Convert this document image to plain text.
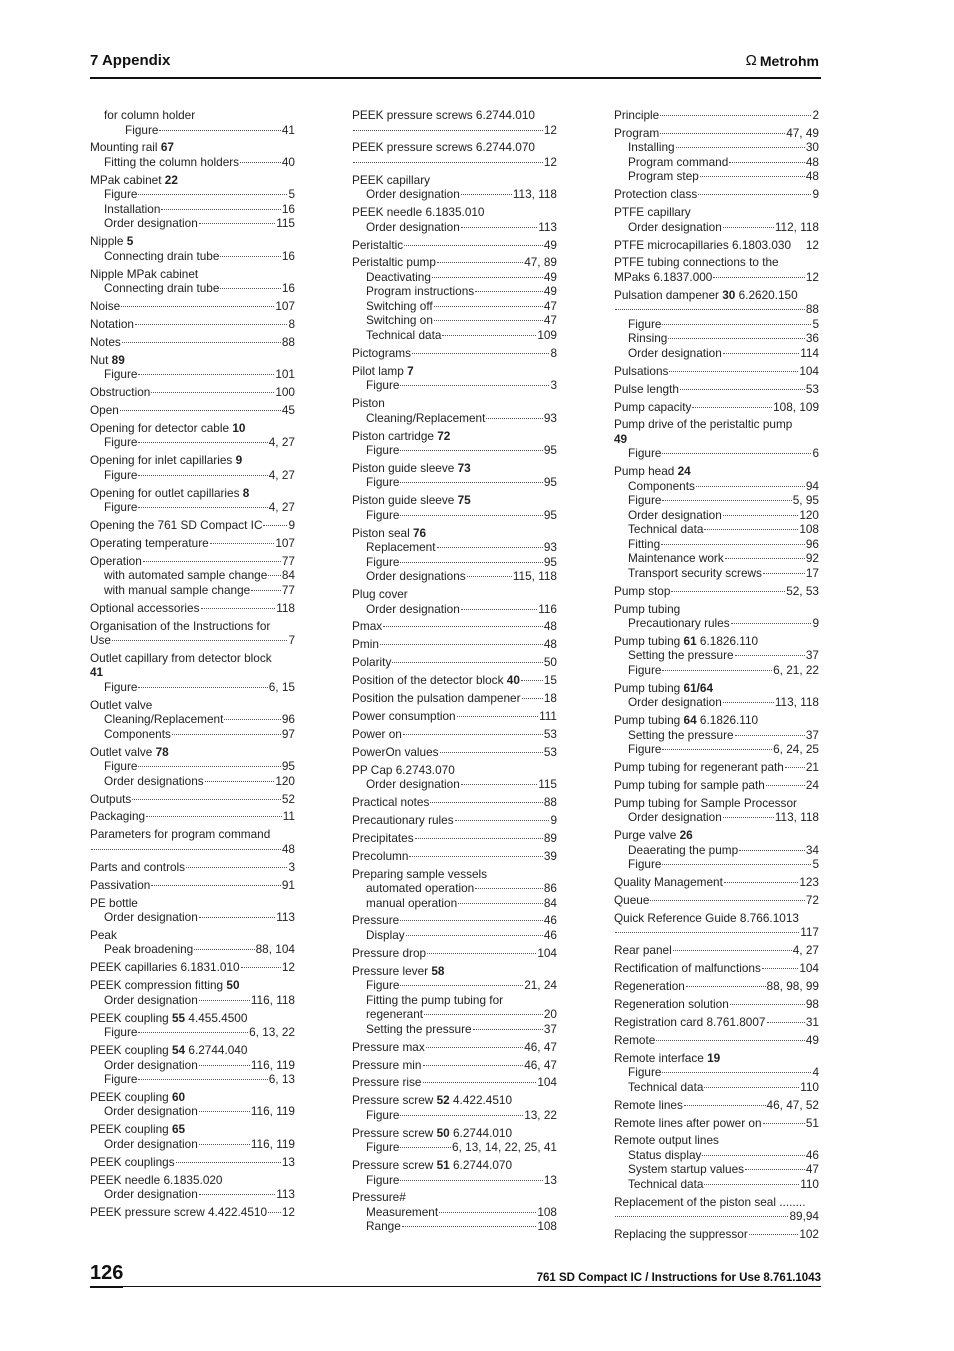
7 Appendix	Ω Metrohm
for column holder
Figure	41
Mounting rail 67
Fitting the column holders	40
MPak cabinet 22
Figure	5
Installation	16
Order designation	115
Nipple 5
Connecting drain tube	16
Nipple MPak cabinet
Connecting drain tube	16
Noise	107
Notation	8
Notes	88
Nut 89
Figure	101
Obstruction	100
Open	45
Opening for detector cable 10
Figure	4, 27
Opening for inlet capillaries 9
Figure	4, 27
Opening for outlet capillaries 8
Figure	4, 27
Opening the 761 SD Compact IC 9
Operating temperature	107
Operation	77
with automated sample change 84
with manual sample change	77
Optional accessories	118
Organisation of the Instructions for
Use	7
Outlet capillary from detector block
41
Figure	6, 15
Outlet valve
Cleaning/Replacement	96
Components	97
Outlet valve 78
Figure	95
Order designations	120
Outputs	52
Packaging	11
Parameters for program command
48
Parts and controls	3
Passivation	91
PE bottle
Order designation	113
Peak
Peak broadening	88, 104
PEEK capillaries 6.1831.010	12
PEEK compression fitting 50
Order designation	116, 118
PEEK coupling 55 4.455.4500
Figure	6, 13, 22
PEEK coupling 54 6.2744.040
Order designation	116, 119
Figure	6, 13
PEEK coupling 60
Order designation	116, 119
PEEK coupling 65
Order designation	116, 119
PEEK couplings	13
PEEK needle 6.1835.020
Order designation	113
PEEK pressure screw 4.422.4510 12
PEEK pressure screws 6.2744.010
12
PEEK pressure screws 6.2744.070
12
PEEK capillary
Order designation	113, 118
PEEK needle 6.1835.010
Order designation	113
Peristaltic	49
Peristaltic pump	47, 89
Deactivating	49
Program instructions	49
Switching off	47
Switching on	47
Technical data	109
Pictograms	8
Pilot lamp 7
Figure	3
Piston
Cleaning/Replacement	93
Piston cartridge 72
Figure	95
Piston guide sleeve 73
Figure	95
Piston guide sleeve 75
Figure	95
Piston seal 76
Replacement	93
Figure	95
Order designations	115, 118
Plug cover
Order designation	116
Pmax	48
Pmin	48
Polarity	50
Position of the detector block 40 15
Position the pulsation dampener 18
Power consumption	111
Power on	53
PowerOn values	53
PP Cap 6.2743.070
Order designation	115
Practical notes	88
Precautionary rules	9
Precipitates	89
Precolumn	39
Preparing sample vessels
automated operation	86
manual operation	84
Pressure	46
Display	46
Pressure drop	104
Pressure lever 58
Figure	21, 24
Fitting the pump tubing for
regenerant	20
Setting the pressure	37
Pressure max	46, 47
Pressure min	46, 47
Pressure rise	104
Pressure screw 52 4.422.4510
Figure	13, 22
Pressure screw 50 6.2744.010
Figure	6, 13, 14, 22, 25, 41
Pressure screw 51 6.2744.070
Figure	13
Pressure#
Measurement	108
Range	108
Principle	2
Program	47, 49
Installing	30
Program command	48
Program step	48
Protection class	9
PTFE capillary
Order designation	112, 118
PTFE microcapillaries 6.1803.030 12
PTFE tubing connections to the
MPaks 6.1837.000	12
Pulsation dampener 30 6.2620.150
88
Figure	5
Rinsing	36
Order designation	114
Pulsations	104
Pulse length	53
Pump capacity	108, 109
Pump drive of the peristaltic pump
49
Figure	6
Pump head 24
Components	94
Figure	5, 95
Order designation	120
Technical data	108
Fitting	96
Maintenance work	92
Transport security screws	17
Pump stop	52, 53
Pump tubing
Precautionary rules	9
Pump tubing 61 6.1826.110
Setting the pressure	37
Figure	6, 21, 22
Pump tubing 61/64
Order designation	113, 118
Pump tubing 64 6.1826.110
Setting the pressure	37
Figure	6, 24, 25
Pump tubing for regenerant path 21
Pump tubing for sample path	24
Pump tubing for Sample Processor
Order designation	113, 118
Purge valve 26
Deaerating the pump	34
Figure	5
Quality Management	123
Queue	72
Quick Reference Guide 8.766.1013
117
Rear panel	4, 27
Rectification of malfunctions	104
Regeneration	88, 98, 99
Regeneration solution	98
Registration card 8.761.8007	31
Remote	49
Remote interface 19
Figure	4
Technical data	110
Remote lines	46, 47, 52
Remote lines after power on	51
Remote output lines
Status display	46
System startup values	47
Technical data	110
Replacement of the piston seal ........
89,94
Replacing the suppressor	102
126	761 SD Compact IC / Instructions for Use 8.761.1043
